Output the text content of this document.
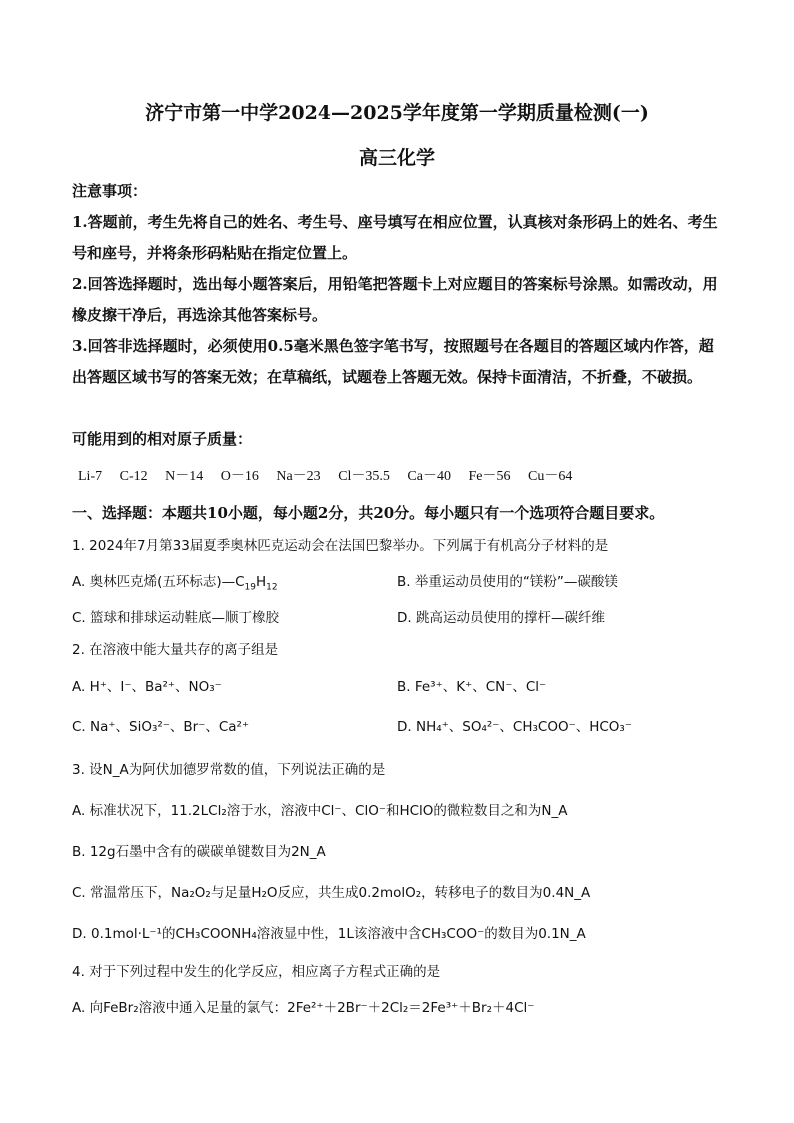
济宁市第一中学2024—2025学年度第一学期质量检测(一)
高三化学
注意事项：
1.答题前，考生先将自己的姓名、考生号、座号填写在相应位置，认真核对条形码上的姓名、考生号和座号，并将条形码粘贴在指定位置上。
2.回答选择题时，选出每小题答案后，用铅笔把答题卡上对应题目的答案标号涂黑。如需改动，用橡皮擦干净后，再选涂其他答案标号。
3.回答非选择题时，必须使用0.5毫米黑色签字笔书写，按照题号在各题目的答题区域内作答，超出答题区域书写的答案无效；在草稿纸，试题卷上答题无效。保持卡面清洁，不折叠，不破损。
可能用到的相对原子质量：
Li-7 C-12 N－14 O－16 Na－23 Cl－35.5 Ca－40 Fe－56 Cu－64
一、选择题：本题共10小题，每小题2分，共20分。每小题只有一个选项符合题目要求。
1. 2024年7月第33届夏季奥林匹克运动会在法国巴黎举办。下列属于有机高分子材料的是
A. 奥林匹克烯(五环标志)$—C_{19}H_{12}$	B. 举重运动员使用的“镁粉”—碳酸镁
C. 篮球和排球运动鞋底—顺丁橡胶	D. 跳高运动员使用的撑杆—碳纤维
2. 在溶液中能大量共存的离子组是
A. H⁺、I⁻、Ba²⁺、NO₃⁻	B. Fe³⁺、K⁺、CN⁻、Cl⁻
C. Na⁺、SiO₃²⁻、Br⁻、Ca²⁺	D. NH₄⁺、SO₄²⁻、CH₃COO⁻、HCO₃⁻
3. 设N_A为阿伏加德罗常数的值，下列说法正确的是
A. 标准状况下，11.2LCl₂溶于水，溶液中Cl⁻、ClO⁻和HClO的微粒数目之和为N_A
B. 12g石墨中含有的碳碳单键数目为2N_A
C. 常温常压下，Na₂O₂与足量H₂O反应，共生成0.2molO₂，转移电子的数目为0.4N_A
D. 0.1mol·L⁻¹的CH₃COONH₄溶液显中性，1L该溶液中含CH₃COO⁻的数目为0.1N_A
4. 对于下列过程中发生的化学反应，相应离子方程式正确的是
A. 向FeBr₂溶液中通入足量的氯气：2Fe²⁺＋2Br⁻＋2Cl₂＝2Fe³⁺＋Br₂＋4Cl⁻
